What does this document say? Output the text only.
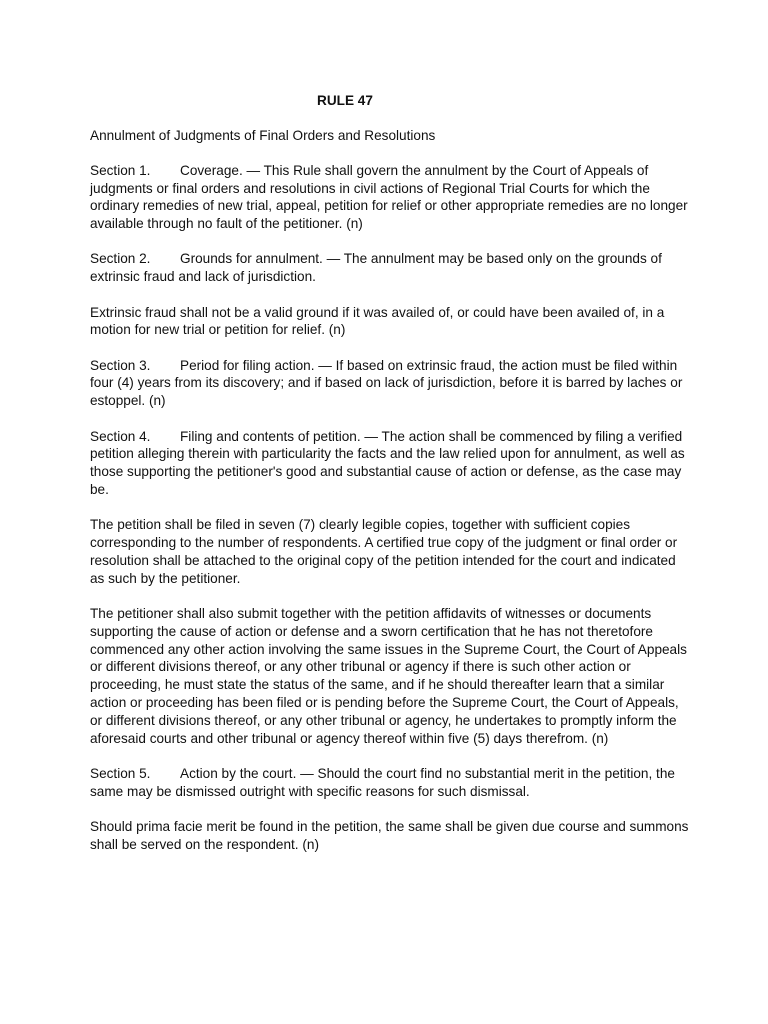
RULE 47
Annulment of Judgments of Final Orders and Resolutions
Section 1. Coverage. — This Rule shall govern the annulment by the Court of Appeals of judgments or final orders and resolutions in civil actions of Regional Trial Courts for which the ordinary remedies of new trial, appeal, petition for relief or other appropriate remedies are no longer available through no fault of the petitioner. (n)
Section 2. Grounds for annulment. — The annulment may be based only on the grounds of extrinsic fraud and lack of jurisdiction.
Extrinsic fraud shall not be a valid ground if it was availed of, or could have been availed of, in a motion for new trial or petition for relief. (n)
Section 3. Period for filing action. — If based on extrinsic fraud, the action must be filed within four (4) years from its discovery; and if based on lack of jurisdiction, before it is barred by laches or estoppel. (n)
Section 4. Filing and contents of petition. — The action shall be commenced by filing a verified petition alleging therein with particularity the facts and the law relied upon for annulment, as well as those supporting the petitioner's good and substantial cause of action or defense, as the case may be.
The petition shall be filed in seven (7) clearly legible copies, together with sufficient copies corresponding to the number of respondents. A certified true copy of the judgment or final order or resolution shall be attached to the original copy of the petition intended for the court and indicated as such by the petitioner.
The petitioner shall also submit together with the petition affidavits of witnesses or documents supporting the cause of action or defense and a sworn certification that he has not theretofore commenced any other action involving the same issues in the Supreme Court, the Court of Appeals or different divisions thereof, or any other tribunal or agency if there is such other action or proceeding, he must state the status of the same, and if he should thereafter learn that a similar action or proceeding has been filed or is pending before the Supreme Court, the Court of Appeals, or different divisions thereof, or any other tribunal or agency, he undertakes to promptly inform the aforesaid courts and other tribunal or agency thereof within five (5) days therefrom. (n)
Section 5. Action by the court. — Should the court find no substantial merit in the petition, the same may be dismissed outright with specific reasons for such dismissal.
Should prima facie merit be found in the petition, the same shall be given due course and summons shall be served on the respondent. (n)
